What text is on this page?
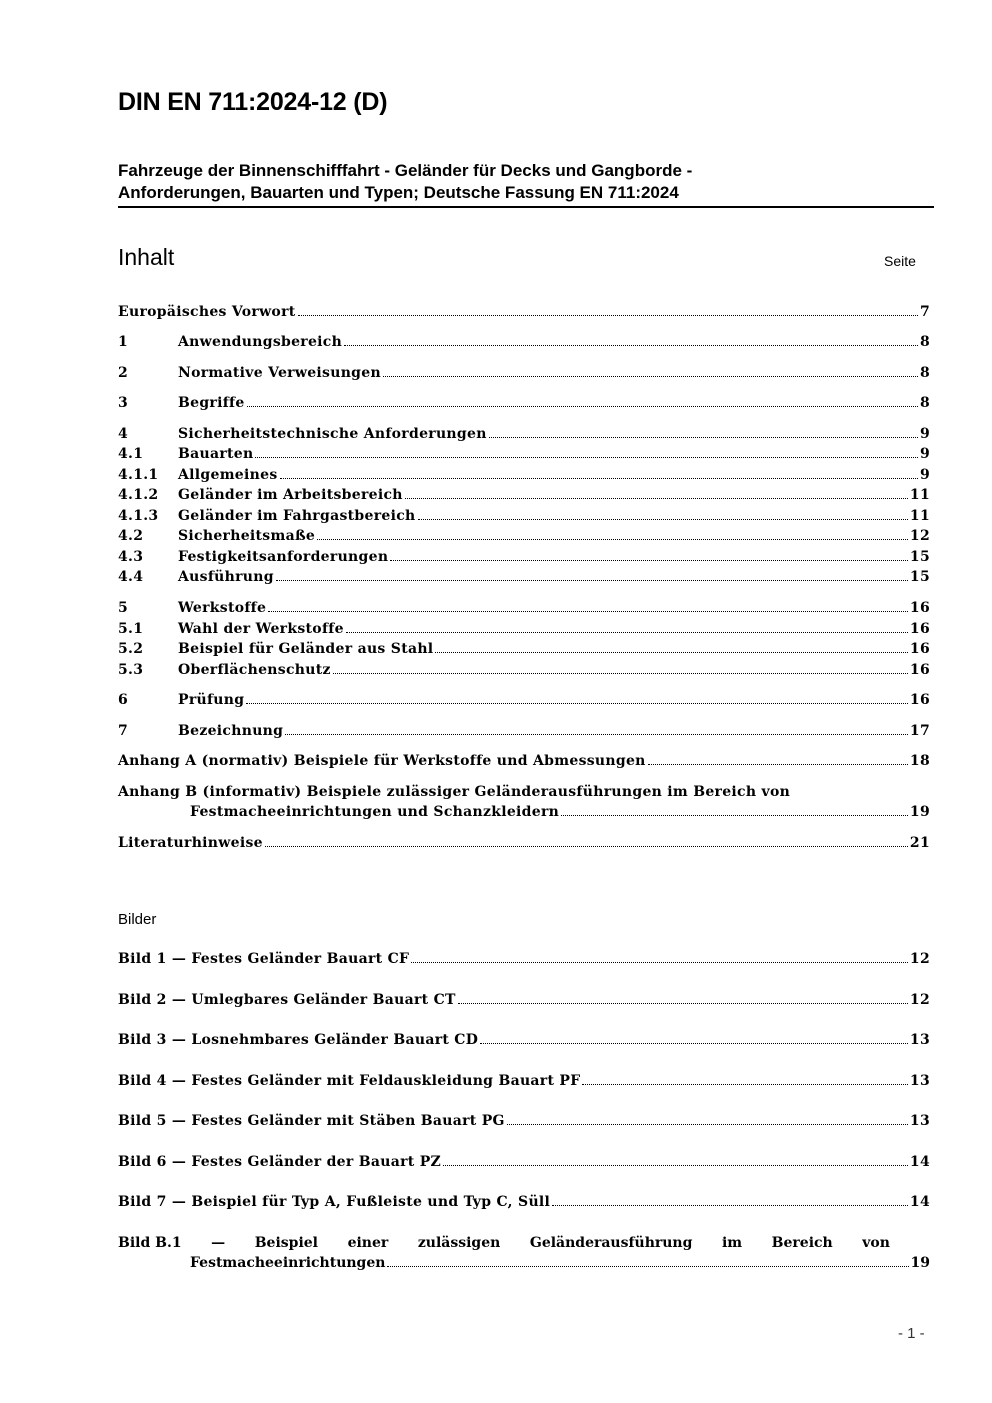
DIN EN 711:2024-12 (D)
Fahrzeuge der Binnenschifffahrt - Geländer für Decks und Gangborde -
Anforderungen, Bauarten und Typen; Deutsche Fassung EN 711:2024
Inhalt	Seite
Europäisches Vorwort	7
1	Anwendungsbereich	8
2	Normative Verweisungen	8
3	Begriffe	8
4	Sicherheitstechnische Anforderungen	9
4.1	Bauarten	9
4.1.1	Allgemeines	9
4.1.2	Geländer im Arbeitsbereich	11
4.1.3	Geländer im Fahrgastbereich	11
4.2	Sicherheitsmaße	12
4.3	Festigkeitsanforderungen	15
4.4	Ausführung	15
5	Werkstoffe	16
5.1	Wahl der Werkstoffe	16
5.2	Beispiel für Geländer aus Stahl	16
5.3	Oberflächenschutz	16
6	Prüfung	16
7	Bezeichnung	17
Anhang A (normativ) Beispiele für Werkstoffe und Abmessungen	18
Anhang B (informativ) Beispiele zulässiger Geländerausführungen im Bereich von
Festmacheeinrichtungen und Schanzkleidern	19
Literaturhinweise	21
Bilder
Bild 1 — Festes Geländer Bauart CF	12
Bild 2 — Umlegbares Geländer Bauart CT	12
Bild 3 — Losnehmbares Geländer Bauart CD	13
Bild 4 — Festes Geländer mit Feldauskleidung Bauart PF	13
Bild 5 — Festes Geländer mit Stäben Bauart PG	13
Bild 6 — Festes Geländer der Bauart PZ	14
Bild 7 — Beispiel für Typ A, Fußleiste und Typ C, Süll	14
Bild B.1 — Beispiel einer zulässigen Geländerausführung im Bereich von
Festmacheeinrichtungen	19
- 1 -
